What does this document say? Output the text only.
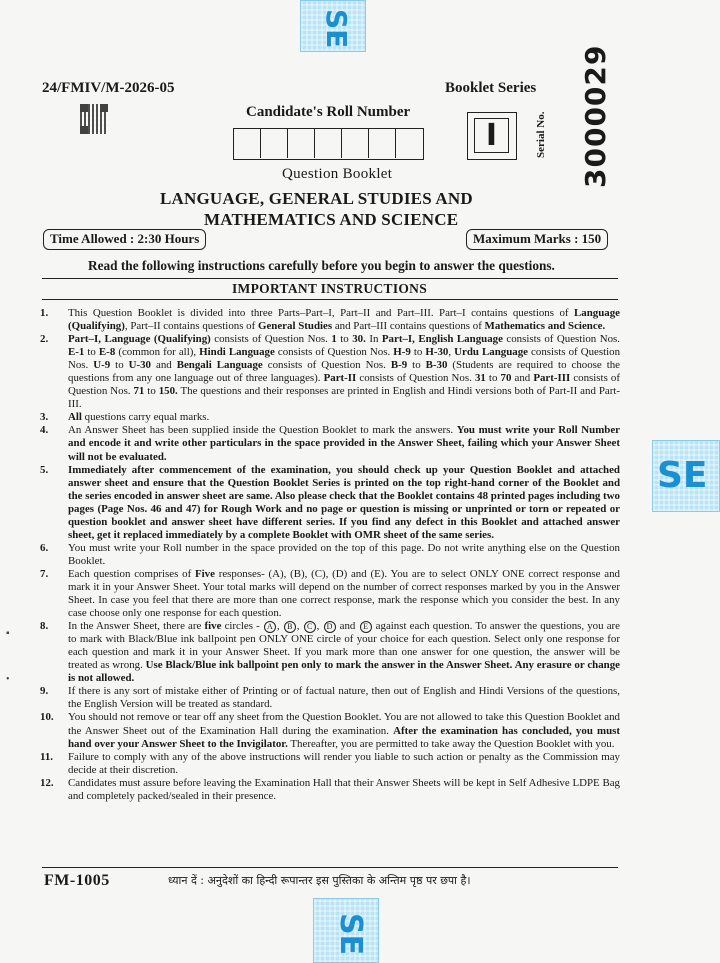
SE
SE
SE
24/FMIV/M-2026-05	Booklet Series
I	Serial No. 3000029
Candidate's Roll Number
Question Booklet
LANGUAGE, GENERAL STUDIES AND
MATHEMATICS AND SCIENCE
Time Allowed : 2:30 Hours	Maximum Marks : 150
Read the following instructions carefully before you begin to answer the questions.
IMPORTANT INSTRUCTIONS
1.	This Question Booklet is divided into three Parts–Part–I, Part–II and Part–III. Part–I contains questions of Language (Qualifying), Part–II contains questions of General Studies and Part–III contains questions of Mathematics and Science.
2.	Part–I, Language (Qualifying) consists of Question Nos. 1 to 30. In Part–I, English Language consists of Question Nos. E-1 to E-8 (common for all), Hindi Language consists of Question Nos. H-9 to H-30, Urdu Language consists of Question Nos. U-9 to U-30 and Bengali Language consists of Question Nos. B-9 to B-30 (Students are required to choose the questions from any one language out of three languages). Part-II consists of Question Nos. 31 to 70 and Part-III consists of Question Nos. 71 to 150. The questions and their responses are printed in English and Hindi versions both of Part-II and Part-III.
3.	All questions carry equal marks.
4.	An Answer Sheet has been supplied inside the Question Booklet to mark the answers. You must write your Roll Number and encode it and write other particulars in the space provided in the Answer Sheet, failing which your Answer Sheet will not be evaluated.
5.	Immediately after commencement of the examination, you should check up your Question Booklet and attached answer sheet and ensure that the Question Booklet Series is printed on the top right-hand corner of the Booklet and the series encoded in answer sheet are same. Also please check that the Booklet contains 48 printed pages including two pages (Page Nos. 46 and 47) for Rough Work and no page or question is missing or unprinted or torn or repeated or question booklet and answer sheet have different series. If you find any defect in this Booklet and attached answer sheet, get it replaced immediately by a complete Booklet with OMR sheet of the same series.
6.	You must write your Roll number in the space provided on the top of this page. Do not write anything else on the Question Booklet.
7.	Each question comprises of Five responses- (A), (B), (C), (D) and (E). You are to select ONLY ONE correct response and mark it in your Answer Sheet. Your total marks will depend on the number of correct responses marked by you in the Answer Sheet. In case you feel that there are more than one correct response, mark the response which you consider the best. In any case choose only one response for each question.
8.	In the Answer Sheet, there are five circles - A , B , C , D and E against each question. To answer the questions, you are to mark with Black/Blue ink ballpoint pen ONLY ONE circle of your choice for each question. Select only one response for each question and mark it in your Answer Sheet. If you mark more than one answer for one question, the answer will be treated as wrong. Use Black/Blue ink ballpoint pen only to mark the answer in the Answer Sheet. Any erasure or change is not allowed.
9.	If there is any sort of mistake either of Printing or of factual nature, then out of English and Hindi Versions of the questions, the English Version will be treated as standard.
10.	You should not remove or tear off any sheet from the Question Booklet. You are not allowed to take this Question Booklet and the Answer Sheet out of the Examination Hall during the examination. After the examination has concluded, you must hand over your Answer Sheet to the Invigilator. Thereafter, you are permitted to take away the Question Booklet with you.
11.	Failure to comply with any of the above instructions will render you liable to such action or penalty as the Commission may decide at their discretion.
12.	Candidates must assure before leaving the Examination Hall that their Answer Sheets will be kept in Self Adhesive LDPE Bag and completely packed/sealed in their presence.
▪
•
FM-1005	ध्यान दें : अनुदेशों का हिन्दी रूपान्तर इस पुस्तिका के अन्तिम पृष्ठ पर छपा है।
